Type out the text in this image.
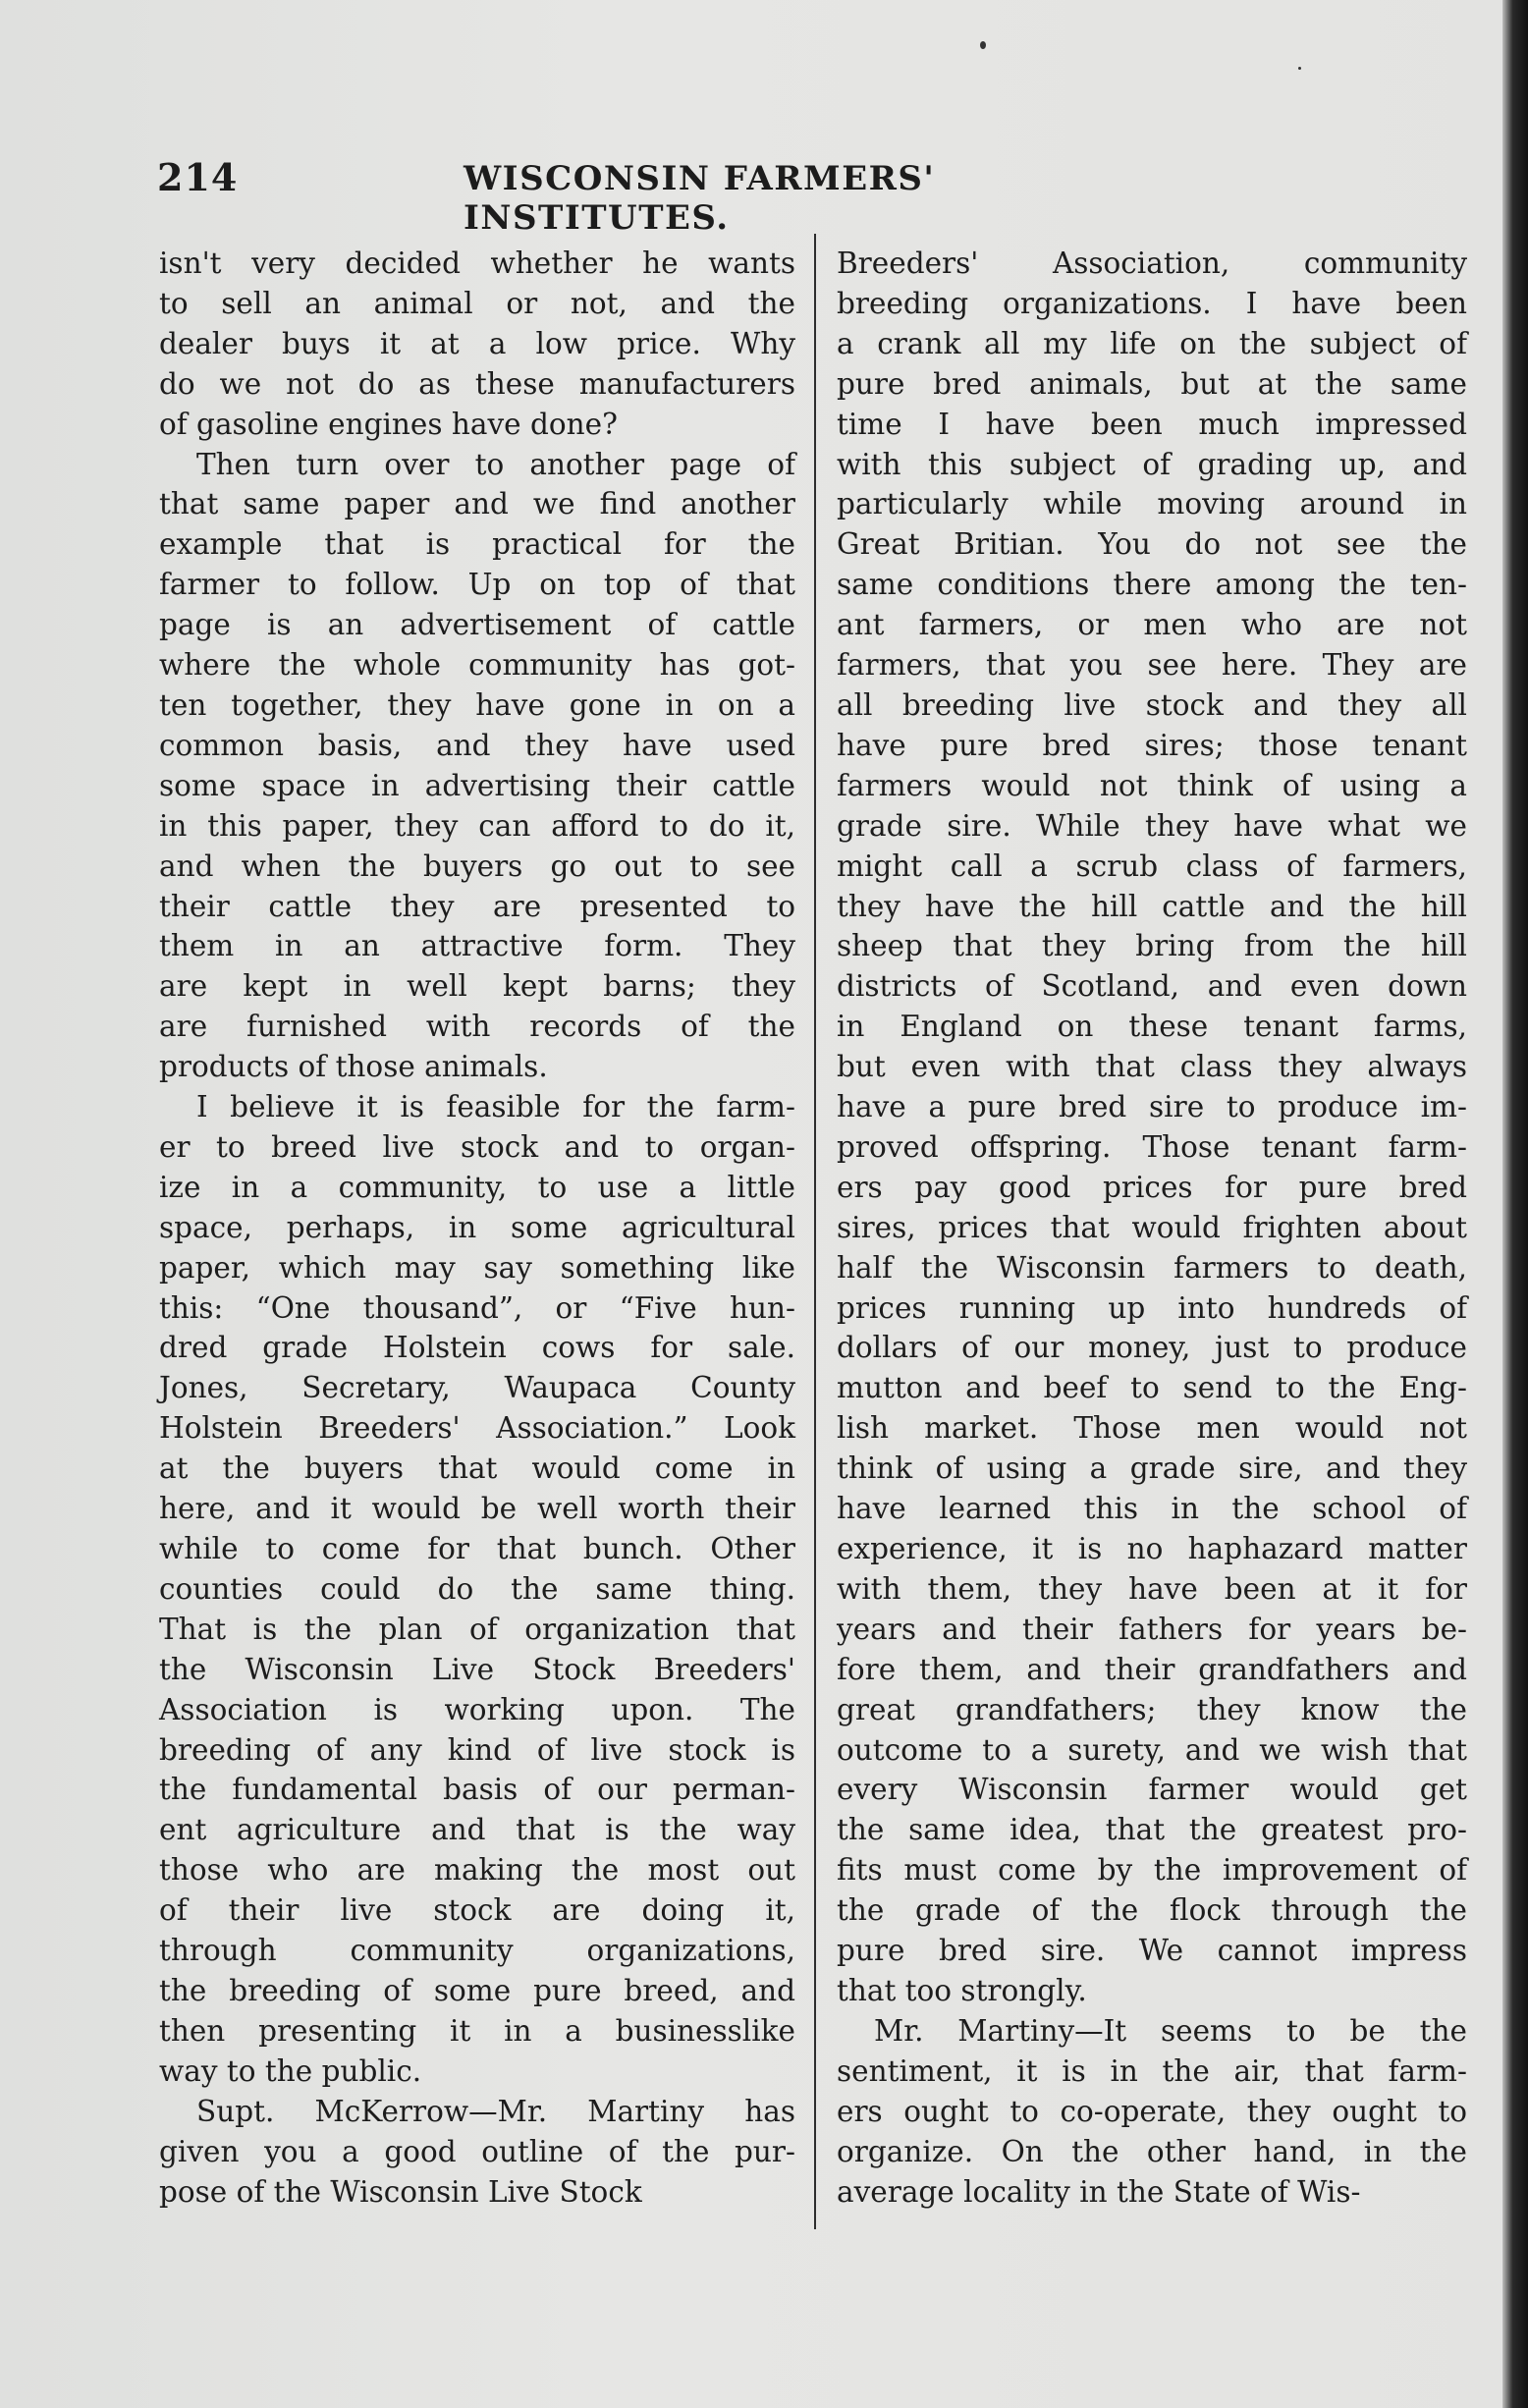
214	WISCONSIN FARMERS' INSTITUTES.

isn't very decided whether he wants
to sell an animal or not, and the
dealer buys it at a low price. Why
do we not do as these manufacturers
of gasoline engines have done?

Then turn over to another page of
that same paper and we find another
example that is practical for the
farmer to follow. Up on top of that
page is an advertisement of cattle
where the whole community has got-
ten together, they have gone in on a
common basis, and they have used
some space in advertising their cattle
in this paper, they can afford to do it,
and when the buyers go out to see
their cattle they are presented to
them in an attractive form. They
are kept in well kept barns; they
are furnished with records of the
products of those animals.

I believe it is feasible for the farm-
er to breed live stock and to organ-
ize in a community, to use a little
space, perhaps, in some agricultural
paper, which may say something like
this: “One thousand”, or “Five hun-
dred grade Holstein cows for sale.
Jones, Secretary, Waupaca County
Holstein Breeders' Association.” Look
at the buyers that would come in
here, and it would be well worth their
while to come for that bunch. Other
counties could do the same thing.
That is the plan of organization that
the Wisconsin Live Stock Breeders'
Association is working upon. The
breeding of any kind of live stock is
the fundamental basis of our perman-
ent agriculture and that is the way
those who are making the most out
of their live stock are doing it,
through community organizations,
the breeding of some pure breed, and
then presenting it in a businesslike
way to the public.

Supt. McKerrow—Mr. Martiny has
given you a good outline of the pur-
pose of the Wisconsin Live Stock

Breeders' Association, community
breeding organizations. I have been
a crank all my life on the subject of
pure bred animals, but at the same
time I have been much impressed
with this subject of grading up, and
particularly while moving around in
Great Britian. You do not see the
same conditions there among the ten-
ant farmers, or men who are not
farmers, that you see here. They are
all breeding live stock and they all
have pure bred sires; those tenant
farmers would not think of using a
grade sire. While they have what we
might call a scrub class of farmers,
they have the hill cattle and the hill
sheep that they bring from the hill
districts of Scotland, and even down
in England on these tenant farms,
but even with that class they always
have a pure bred sire to produce im-
proved offspring. Those tenant farm-
ers pay good prices for pure bred
sires, prices that would frighten about
half the Wisconsin farmers to death,
prices running up into hundreds of
dollars of our money, just to produce
mutton and beef to send to the Eng-
lish market. Those men would not
think of using a grade sire, and they
have learned this in the school of
experience, it is no haphazard matter
with them, they have been at it for
years and their fathers for years be-
fore them, and their grandfathers and
great grandfathers; they know the
outcome to a surety, and we wish that
every Wisconsin farmer would get
the same idea, that the greatest pro-
fits must come by the improvement of
the grade of the flock through the
pure bred sire. We cannot impress
that too strongly.

Mr. Martiny—It seems to be the
sentiment, it is in the air, that farm-
ers ought to co-operate, they ought to
organize. On the other hand, in the
average locality in the State of Wis-
